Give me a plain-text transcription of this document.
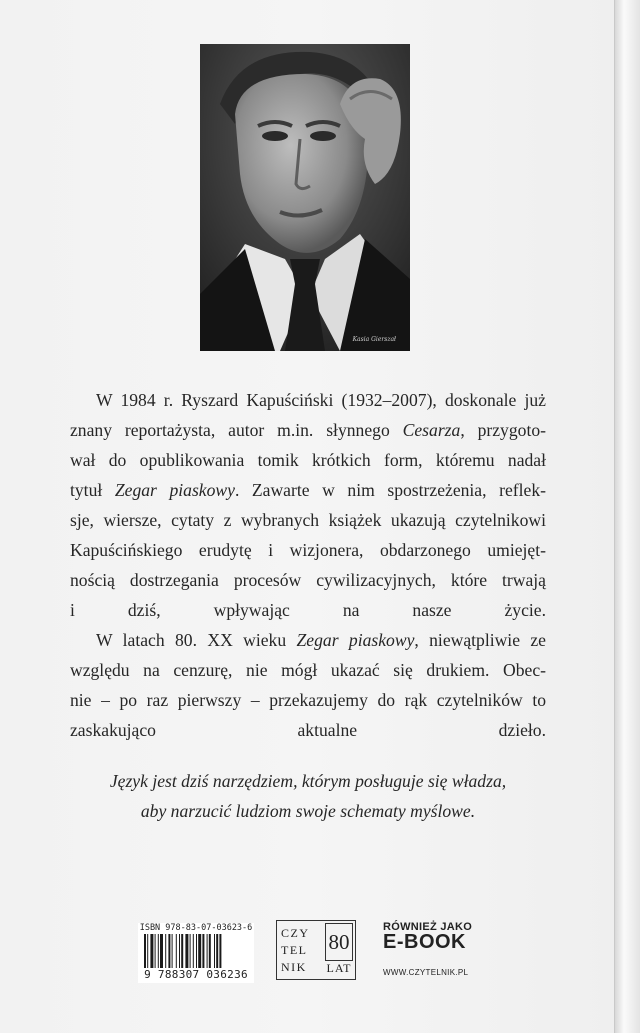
Kasia Gierszał

W 1984 r. Ryszard Kapuściński (1932–2007), doskonale już
znany reportażysta, autor m.in. słynnego Cesarza, przygoto-
wał do opublikowania tomik krótkich form, któremu nadał
tytuł Zegar piaskowy. Zawarte w nim spostrzeżenia, reflek-
sje, wiersze, cytaty z wybranych książek ukazują czytelnikowi
Kapuścińskiego erudytę i wizjonera, obdarzonego umiejęt-
nością dostrzegania procesów cywilizacyjnych, które trwają
i dziś, wpływając na nasze życie.

W latach 80. XX wieku Zegar piaskowy, niewątpliwie ze
względu na cenzurę, nie mógł ukazać się drukiem. Obec-
nie – po raz pierwszy – przekazujemy do rąk czytelników to
zaskakująco aktualne dzieło.

Język jest dziś narzędziem, którym posługuje się władza,
aby narzucić ludziom swoje schematy myślowe.
ISBN 978-83-07-03623-6
9 788307 036236
CZY
TEL
NIK
80
LAT
RÓWNIEŻ JAKO
E-BOOK
WWW.CZYTELNIK.PL
